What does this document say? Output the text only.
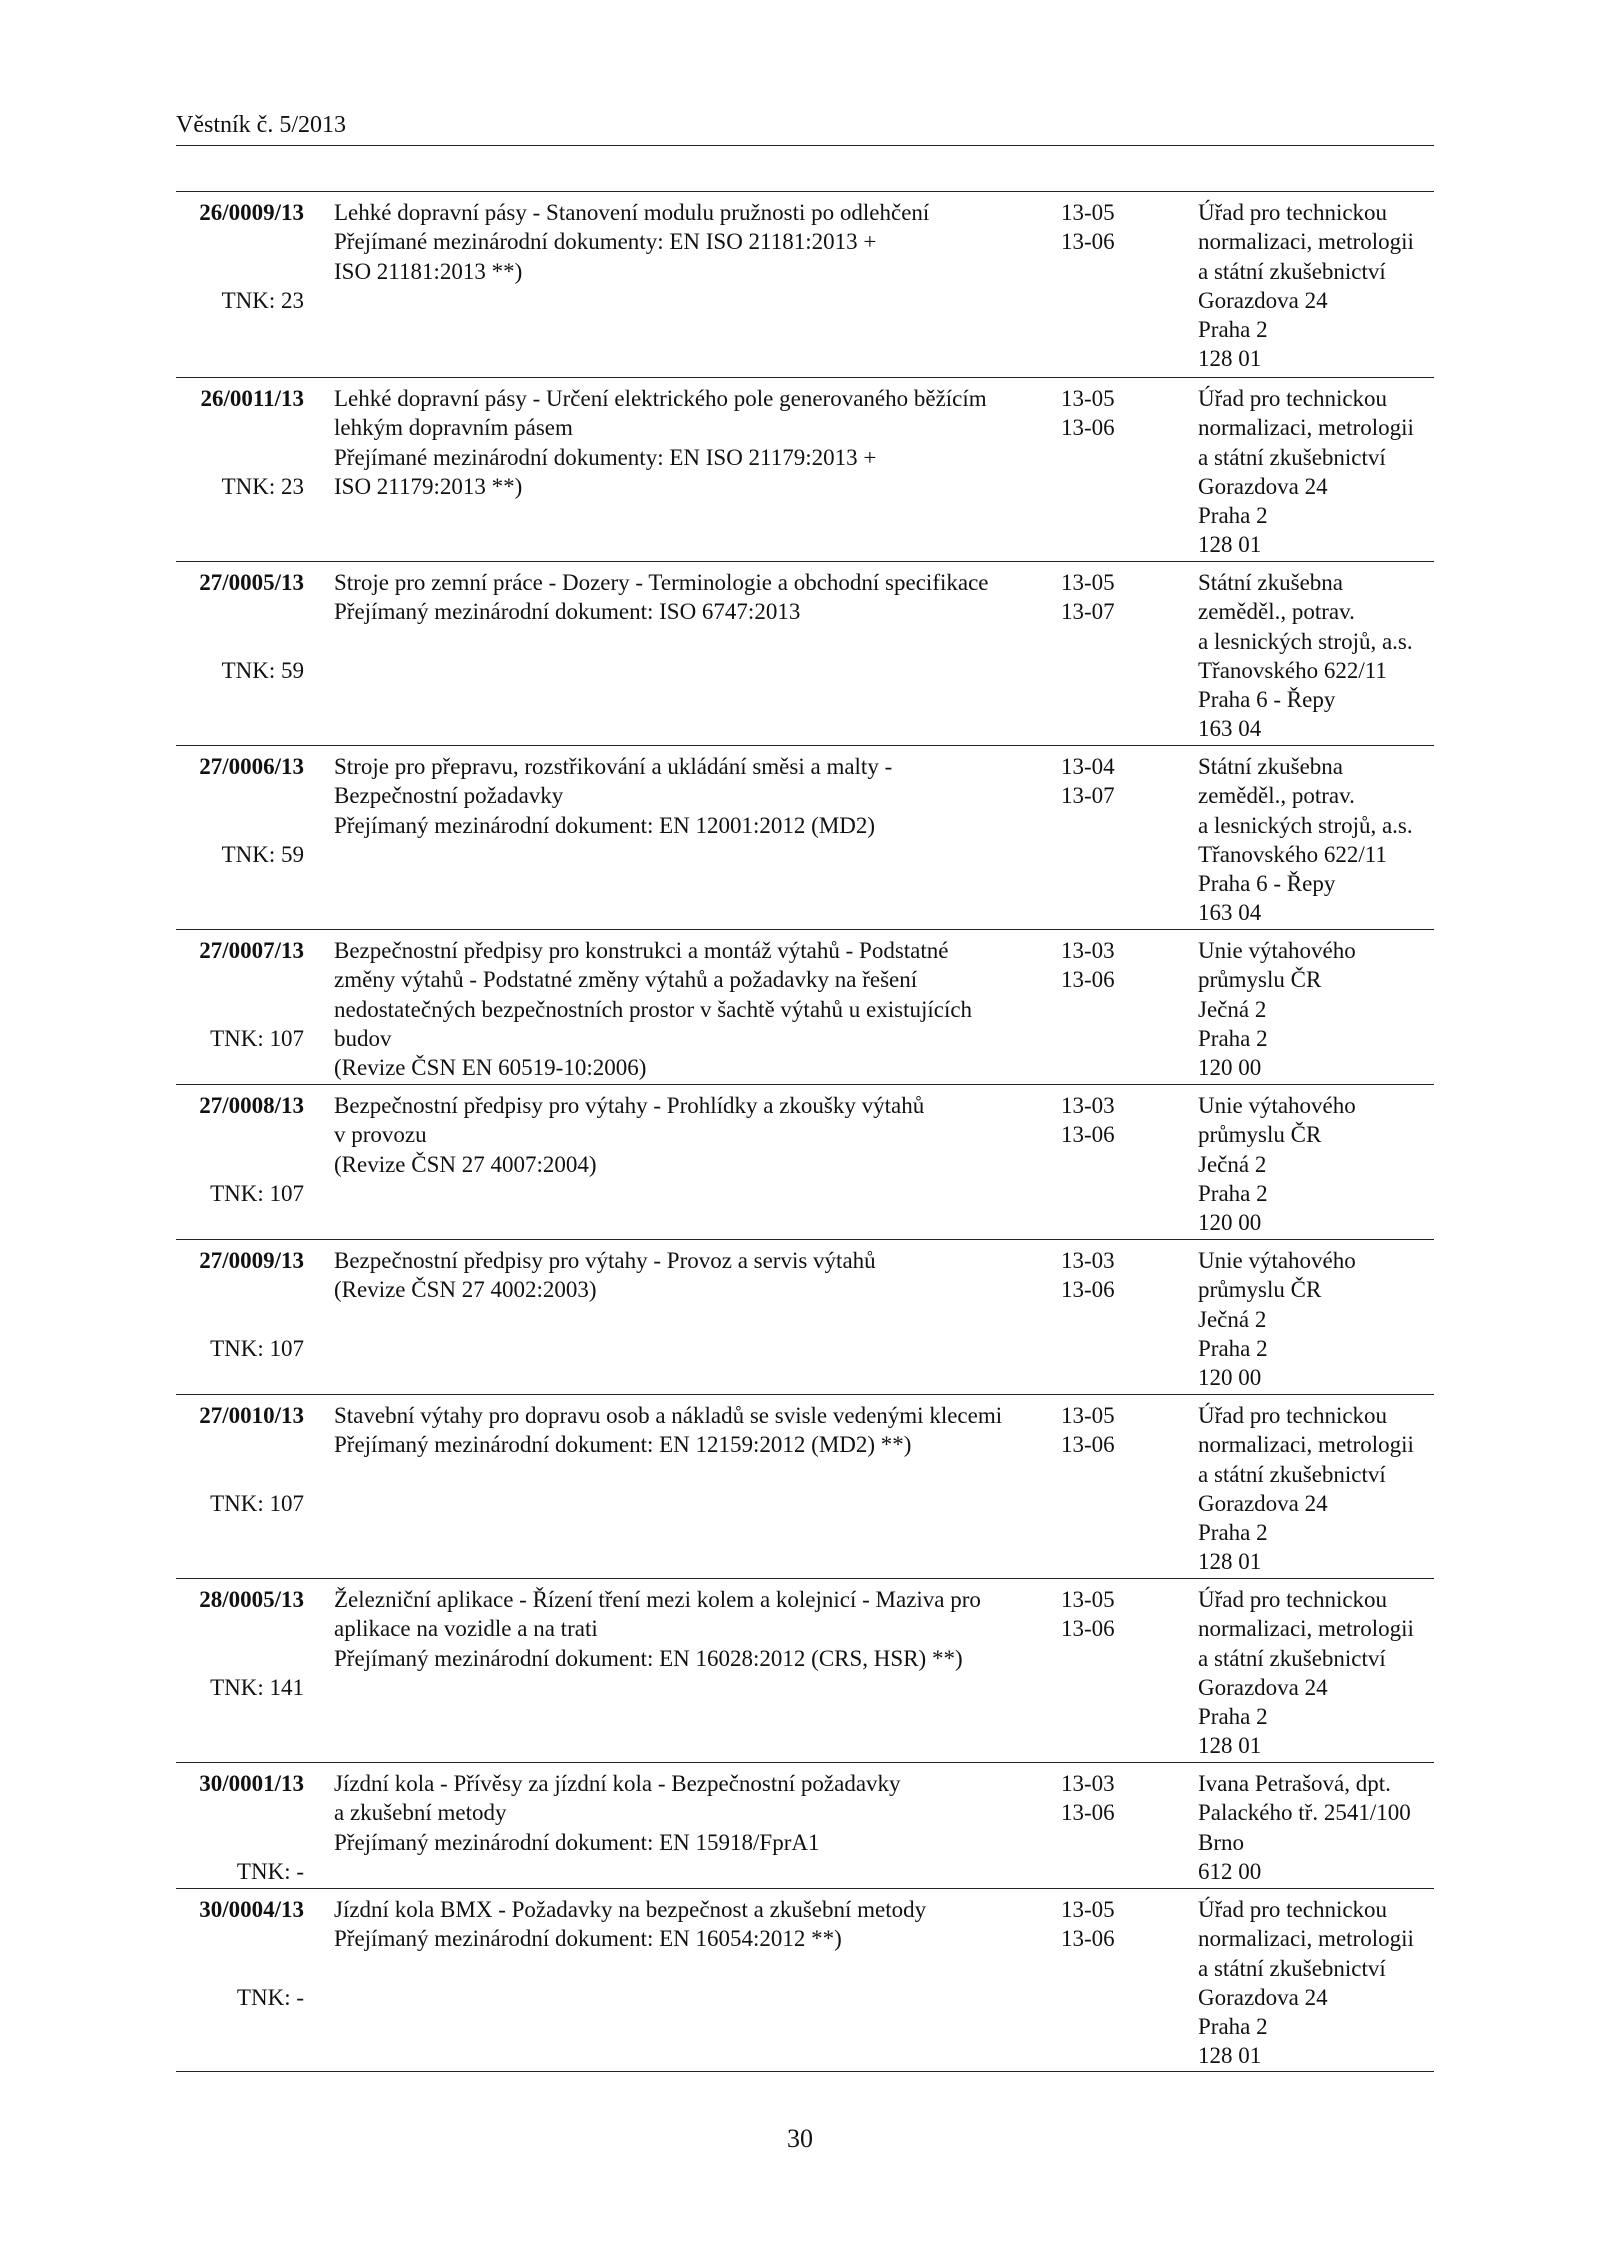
Věstník č. 5/2013
26/0009/13
TNK: 23
Lehké dopravní pásy - Stanovení modulu pružnosti po odlehčení
Přejímané mezinárodní dokumenty: EN ISO 21181:2013 +
ISO 21181:2013 **)
13-05
13-06
Úřad pro technickou
normalizaci, metrologii
a státní zkušebnictví
Gorazdova 24
Praha 2
128 01
26/0011/13
TNK: 23
Lehké dopravní pásy - Určení elektrického pole generovaného běžícím
lehkým dopravním pásem
Přejímané mezinárodní dokumenty: EN ISO 21179:2013 +
ISO 21179:2013 **)
13-05
13-06
Úřad pro technickou
normalizaci, metrologii
a státní zkušebnictví
Gorazdova 24
Praha 2
128 01
27/0005/13
TNK: 59
Stroje pro zemní práce - Dozery - Terminologie a obchodní specifikace
Přejímaný mezinárodní dokument: ISO 6747:2013
13-05
13-07
Státní zkušebna
zeměděl., potrav.
a lesnických strojů, a.s.
Třanovského 622/11
Praha 6 - Řepy
163 04
27/0006/13
TNK: 59
Stroje pro přepravu, rozstřikování a ukládání směsi a malty -
Bezpečnostní požadavky
Přejímaný mezinárodní dokument: EN 12001:2012 (MD2)
13-04
13-07
Státní zkušebna
zeměděl., potrav.
a lesnických strojů, a.s.
Třanovského 622/11
Praha 6 - Řepy
163 04
27/0007/13
TNK: 107
Bezpečnostní předpisy pro konstrukci a montáž výtahů - Podstatné
změny výtahů - Podstatné změny výtahů a požadavky na řešení
nedostatečných bezpečnostních prostor v šachtě výtahů u existujících
budov
(Revize ČSN EN 60519-10:2006)
13-03
13-06
Unie výtahového
průmyslu ČR
Ječná 2
Praha 2
120 00
27/0008/13
TNK: 107
Bezpečnostní předpisy pro výtahy - Prohlídky a zkoušky výtahů
v provozu
(Revize ČSN 27 4007:2004)
13-03
13-06
Unie výtahového
průmyslu ČR
Ječná 2
Praha 2
120 00
27/0009/13
TNK: 107
Bezpečnostní předpisy pro výtahy - Provoz a servis výtahů
(Revize ČSN 27 4002:2003)
13-03
13-06
Unie výtahového
průmyslu ČR
Ječná 2
Praha 2
120 00
27/0010/13
TNK: 107
Stavební výtahy pro dopravu osob a nákladů se svisle vedenými klecemi
Přejímaný mezinárodní dokument: EN 12159:2012 (MD2) **)
13-05
13-06
Úřad pro technickou
normalizaci, metrologii
a státní zkušebnictví
Gorazdova 24
Praha 2
128 01
28/0005/13
TNK: 141
Železniční aplikace - Řízení tření mezi kolem a kolejnicí - Maziva pro
aplikace na vozidle a na trati
Přejímaný mezinárodní dokument: EN 16028:2012 (CRS, HSR) **)
13-05
13-06
Úřad pro technickou
normalizaci, metrologii
a státní zkušebnictví
Gorazdova 24
Praha 2
128 01
30/0001/13
TNK: -
Jízdní kola - Přívěsy za jízdní kola - Bezpečnostní požadavky
a zkušební metody
Přejímaný mezinárodní dokument: EN 15918/FprA1
13-03
13-06
Ivana Petrašová, dpt.
Palackého tř. 2541/100
Brno
612 00
30/0004/13
TNK: -
Jízdní kola BMX - Požadavky na bezpečnost a zkušební metody
Přejímaný mezinárodní dokument: EN 16054:2012 **)
13-05
13-06
Úřad pro technickou
normalizaci, metrologii
a státní zkušebnictví
Gorazdova 24
Praha 2
128 01
30
